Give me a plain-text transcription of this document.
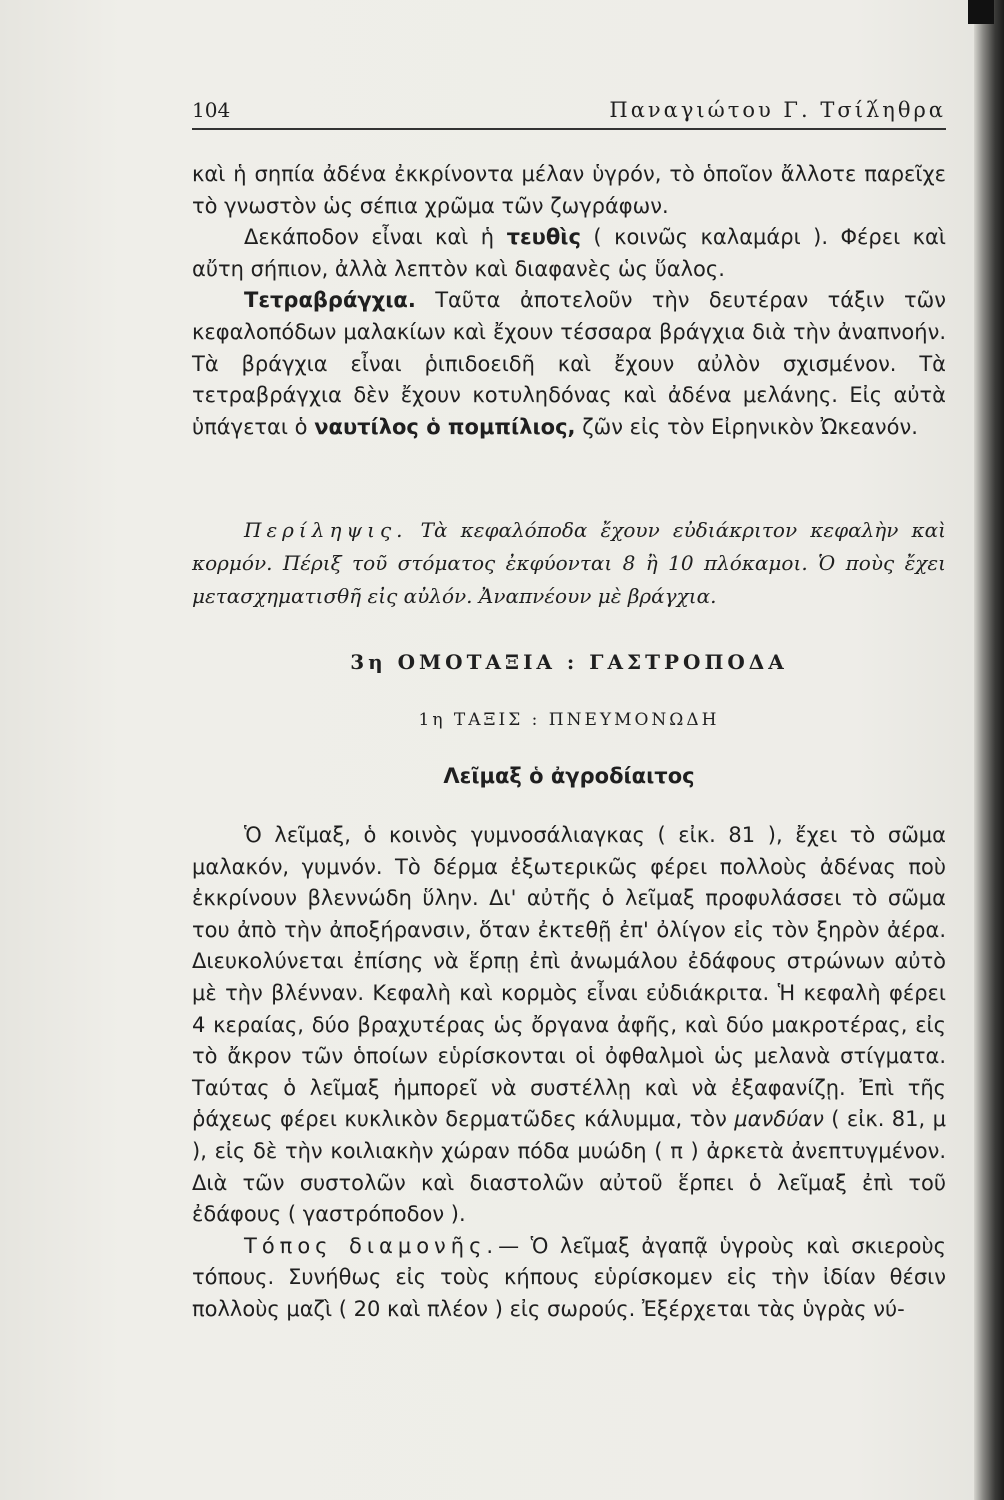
104	Παναγιώτου Γ. Τσίλ́ηθρα

καὶ ἡ σηπία ἀδένα ἐκκρίνοντα μέλαν ὑγρόν, τὸ ὁποῖον ἄλλοτε παρεῖχε τὸ γνωστὸν ὡς σέπια χρῶμα τῶν ζωγράφων.

Δεκάποδον εἶναι καὶ ἡ τευθὶς ( κοινῶς καλαμάρι ). Φέρει καὶ αὔτη σήπιον, ἀλλὰ λεπτὸν καὶ διαφανὲς ὡς ὕαλος.

Τετραβράγχια. Ταῦτα ἀποτελοῦν τὴν δευτέραν τάξιν τῶν κεφαλοπόδων μαλακίων καὶ ἔχουν τέσσαρα βράγχια διὰ τὴν ἀναπνοήν. Τὰ βράγχια εἶναι ῥιπιδοειδῆ καὶ ἔχουν αὐλὸν σχισμένον. Τὰ τετραβράγχια δὲν ἔχουν κοτυληδόνας καὶ ἀδένα μελάνης. Εἰς αὐτὰ ὑπάγεται ὁ ναυτίλος ὁ πομπίλιος, ζῶν εἰς τὸν Εἰρηνικὸν Ὠκεανόν.

Περίληψις. Τὰ κεφαλόποδα ἔχουν εὐδιάκριτον κεφαλὴν καὶ κορμόν. Πέριξ τοῦ στόματος ἐκφύονται 8 ἢ 10 πλόκαμοι. Ὁ ποὺς ἔχει μετασχηματισθῆ εἰς αὐλόν. Ἀναπνέουν μὲ βράγχια.

3η ΟΜΟΤΑΞΙΑ : ΓΑΣΤΡΟΠΟΔΑ
1η ΤΑΞΙΣ : ΠΝΕΥΜΟΝΩΔΗ
Λεῖμαξ ὁ ἀγροδίαιτος

Ὁ λεῖμαξ, ὁ κοινὸς γυμνοσάλιαγκας ( εἰκ. 81 ), ἔχει τὸ σῶμα μαλακόν, γυμνόν. Τὸ δέρμα ἐξωτερικῶς φέρει πολλοὺς ἀδένας ποὺ ἐκκρίνουν βλεννώδη ὕλην. Δι' αὐτῆς ὁ λεῖμαξ προφυλάσσει τὸ σῶμα του ἀπὸ τὴν ἀποξήρανσιν, ὅταν ἐκτεθῇ ἐπ' ὀλίγον εἰς τὸν ξηρὸν ἀέρα. Διευκολύνεται ἐπίσης νὰ ἕρπῃ ἐπὶ ἀνωμάλου ἐδάφους στρώνων αὐτὸ μὲ τὴν βλένναν. Κεφαλὴ καὶ κορμὸς εἶναι εὐδιάκριτα. Ἡ κεφαλὴ φέρει 4 κεραίας, δύο βραχυτέρας ὡς ὄργανα ἀφῆς, καὶ δύο μακροτέρας, εἰς τὸ ἄκρον τῶν ὁποίων εὑρίσκονται οἱ ὀφθαλμοὶ ὡς μελανὰ στίγματα. Ταύτας ὁ λεῖμαξ ἠμπορεῖ νὰ συστέλλῃ καὶ νὰ ἐξαφανίζῃ. Ἐπὶ τῆς ῥάχεως φέρει κυκλικὸν δερματῶδες κάλυμμα, τὸν μανδύαν ( εἰκ. 81, μ ), εἰς δὲ τὴν κοιλιακὴν χώραν πόδα μυώδη ( π ) ἀρκετὰ ἀνεπτυγμένον. Διὰ τῶν συστολῶν καὶ διαστολῶν αὐτοῦ ἕρπει ὁ λεῖμαξ ἐπὶ τοῦ ἐδάφους ( γαστρόποδον ).

Τόπος διαμονῆς.— Ὁ λεῖμαξ ἀγαπᾷ ὑγροὺς καὶ σκιεροὺς τόπους. Συνήθως εἰς τοὺς κήπους εὑρίσκομεν εἰς τὴν ἰδίαν θέσιν πολλοὺς μαζὶ ( 20 καὶ πλέον ) εἰς σωρούς. Ἐξέρχεται τὰς ὑγρὰς νύ-
